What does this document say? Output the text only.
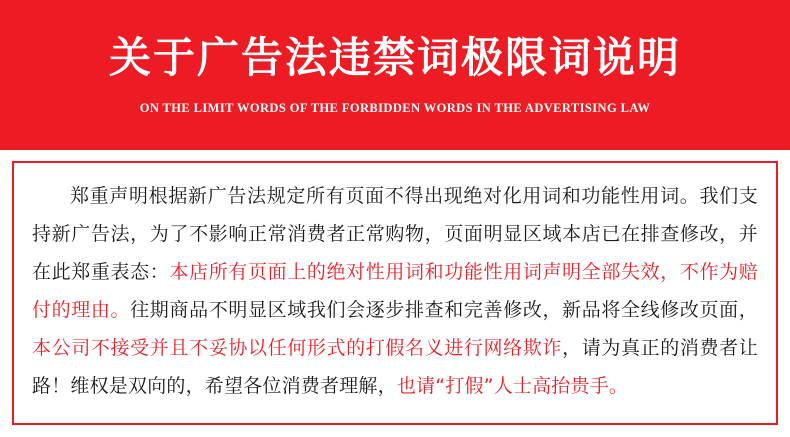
关于广告法违禁词极限词说明
ON THE LIMIT WORDS OF THE FORBIDDEN WORDS IN THE ADVERTISING LAW

郑重声明根据新广告法规定所有页面不得出现绝对化用词和功能性用词。我们支持新广告法，为了不影响正常消费者正常购物，页面明显区域本店已在排查修改，并在此郑重表态：本店所有页面上的绝对性用词和功能性用词声明全部失效，不作为赔付的理由。往期商品不明显区域我们会逐步排查和完善修改，新品将全线修改页面，本公司不接受并且不妥协以任何形式的打假名义进行网络欺诈，请为真正的消费者让路！维权是双向的，希望各位消费者理解，也请“打假”人士高抬贵手。
